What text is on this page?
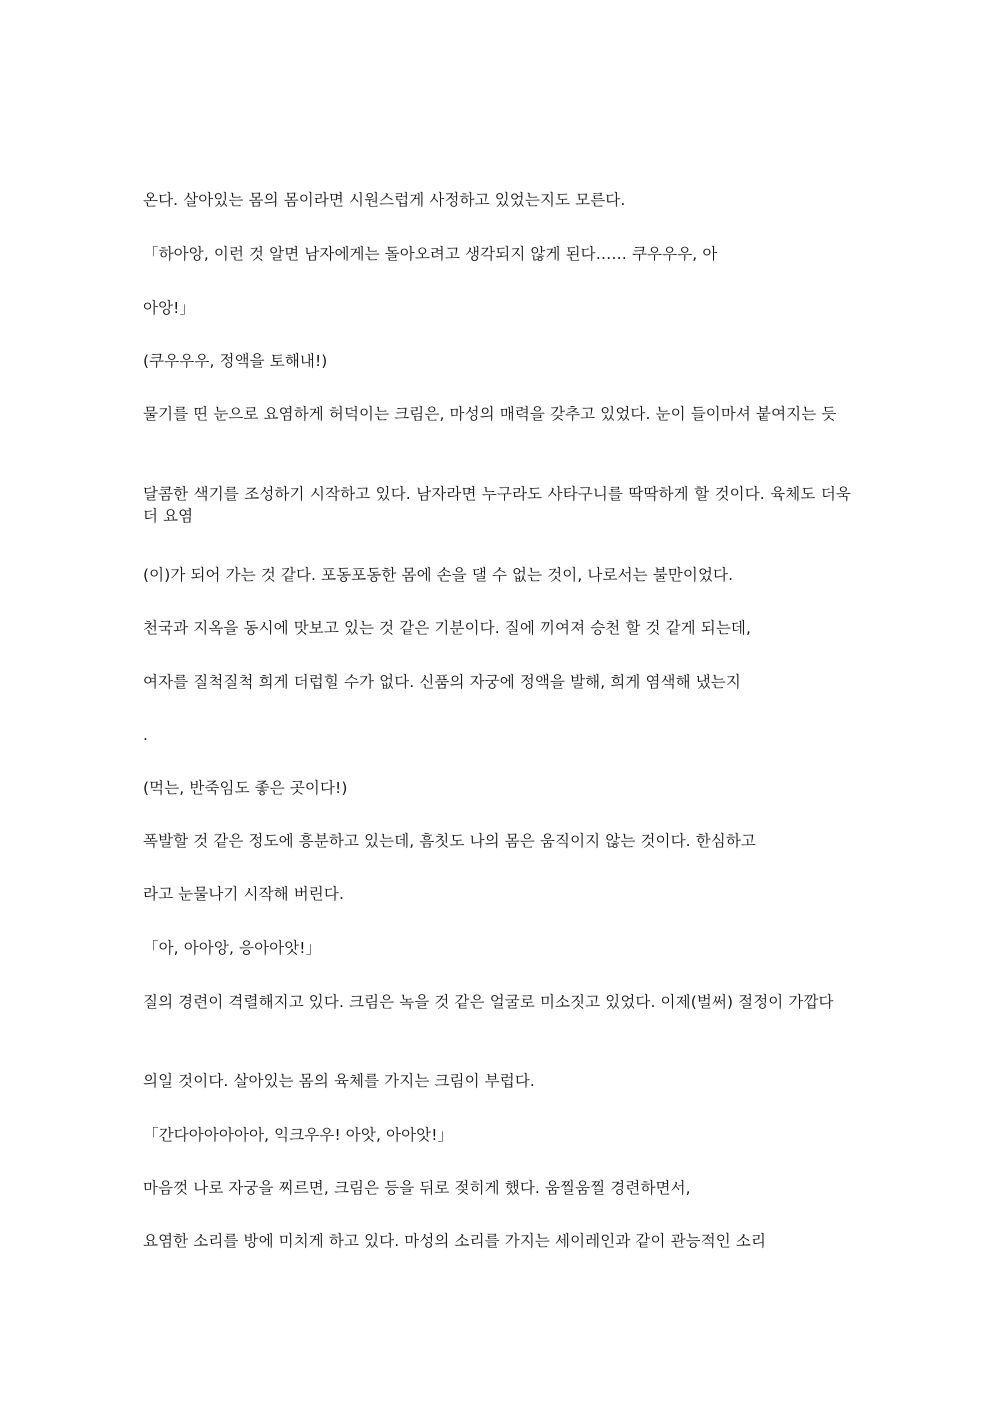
온다. 살아있는 몸의 몸이라면 시원스럽게 사정하고 있었는지도 모른다.
「하아앙, 이런 것 알면 남자에게는 돌아오려고 생각되지 않게 된다…… 쿠우우우, 아
아앙!」
(쿠우우우, 정액을 토해내!)
물기를 띤 눈으로 요염하게 허덕이는 크림은, 마성의 매력을 갖추고 있었다. 눈이 들이마셔 붙여지는 듯
달콤한 색기를 조성하기 시작하고 있다. 남자라면 누구라도 사타구니를 딱딱하게 할 것이다. 육체도 더욱 더 요염
(이)가 되어 가는 것 같다. 포동포동한 몸에 손을 댈 수 없는 것이, 나로서는 불만이었다.
천국과 지옥을 동시에 맛보고 있는 것 같은 기분이다. 질에 끼여져 승천 할 것 같게 되는데,
여자를 질척질척 희게 더럽힐 수가 없다. 신품의 자궁에 정액을 발해, 희게 염색해 냈는지
.
(먹는, 반죽임도 좋은 곳이다!)
폭발할 것 같은 정도에 흥분하고 있는데, 흠칫도 나의 몸은 움직이지 않는 것이다. 한심하고
라고 눈물나기 시작해 버린다.
「아, 아아앙, 응아아앗!」
질의 경련이 격렬해지고 있다. 크림은 녹을 것 같은 얼굴로 미소짓고 있었다. 이제(벌써) 절정이 가깝다
의일 것이다. 살아있는 몸의 육체를 가지는 크림이 부럽다.
「간다아아아아아, 익크우우! 아앗, 아아앗!」
마음껏 나로 자궁을 찌르면, 크림은 등을 뒤로 젖히게 했다. 움찔움찔 경련하면서,
요염한 소리를 방에 미치게 하고 있다. 마성의 소리를 가지는 세이레인과 같이 관능적인 소리
